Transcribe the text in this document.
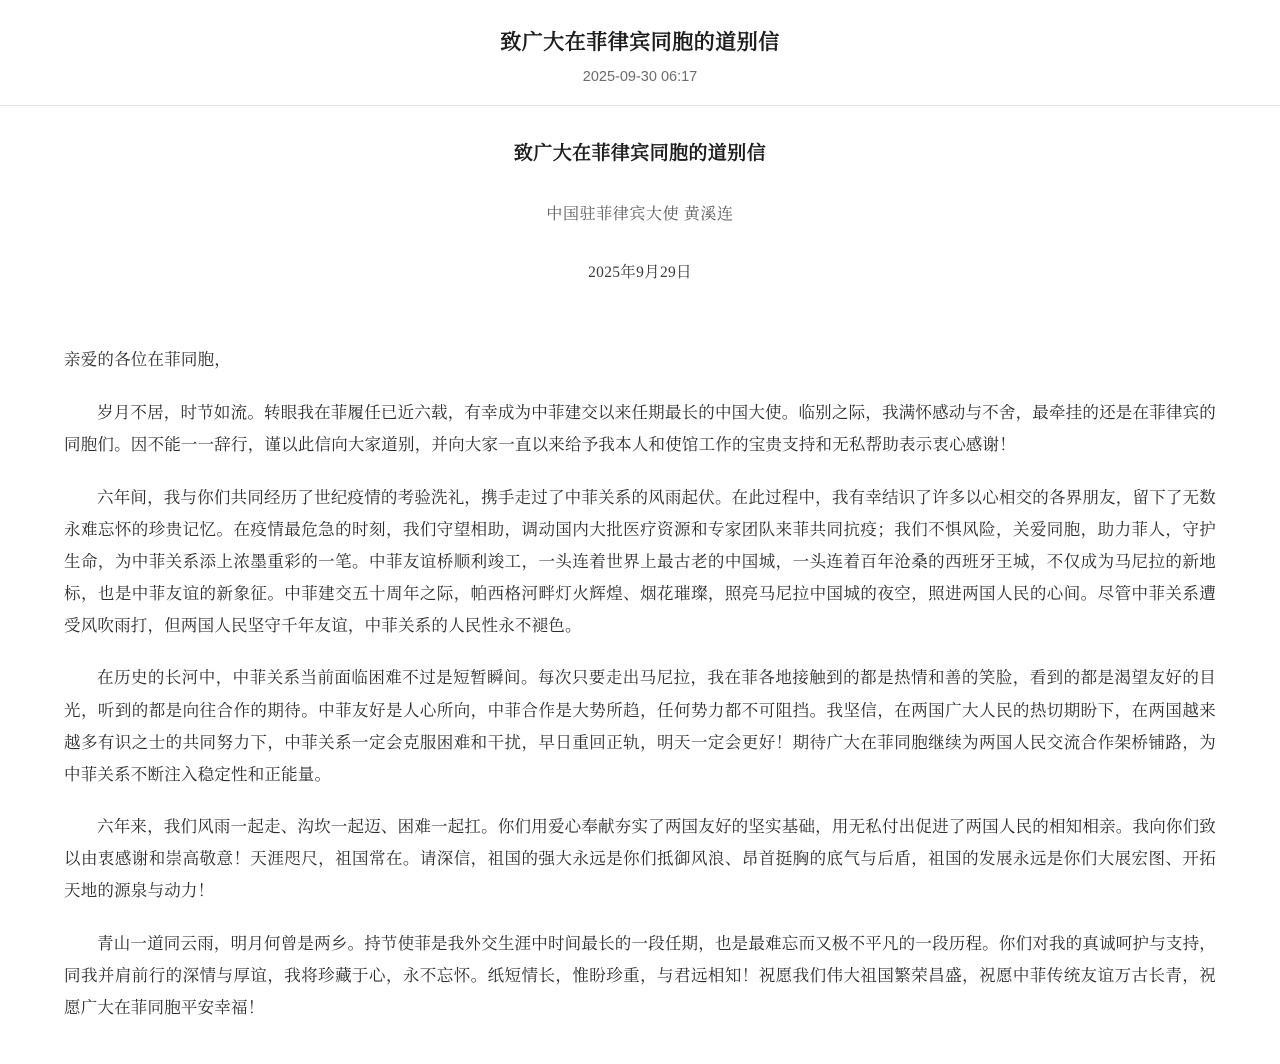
致广大在菲律宾同胞的道别信
2025-09-30 06:17
致广大在菲律宾同胞的道别信
中国驻菲律宾大使 黄溪连
2025年9月29日

亲爱的各位在菲同胞，

岁月不居，时节如流。转眼我在菲履任已近六载，有幸成为中菲建交以来任期最长的中国大使。临别之际，我满怀感动与不舍，最牵挂的还是在菲律宾的同胞们。因不能一一辞行，谨以此信向大家道别，并向大家一直以来给予我本人和使馆工作的宝贵支持和无私帮助表示衷心感谢！

六年间，我与你们共同经历了世纪疫情的考验洗礼，携手走过了中菲关系的风雨起伏。在此过程中，我有幸结识了许多以心相交的各界朋友，留下了无数永难忘怀的珍贵记忆。在疫情最危急的时刻，我们守望相助，调动国内大批医疗资源和专家团队来菲共同抗疫；我们不惧风险，关爱同胞，助力菲人，守护生命，为中菲关系添上浓墨重彩的一笔。中菲友谊桥顺利竣工，一头连着世界上最古老的中国城，一头连着百年沧桑的西班牙王城，不仅成为马尼拉的新地标，也是中菲友谊的新象征。中菲建交五十周年之际，帕西格河畔灯火辉煌、烟花璀璨，照亮马尼拉中国城的夜空，照进两国人民的心间。尽管中菲关系遭受风吹雨打，但两国人民坚守千年友谊，中菲关系的人民性永不褪色。

在历史的长河中，中菲关系当前面临困难不过是短暂瞬间。每次只要走出马尼拉，我在菲各地接触到的都是热情和善的笑脸，看到的都是渴望友好的目光，听到的都是向往合作的期待。中菲友好是人心所向，中菲合作是大势所趋，任何势力都不可阻挡。我坚信，在两国广大人民的热切期盼下，在两国越来越多有识之士的共同努力下，中菲关系一定会克服困难和干扰，早日重回正轨，明天一定会更好！期待广大在菲同胞继续为两国人民交流合作架桥铺路，为中菲关系不断注入稳定性和正能量。

六年来，我们风雨一起走、沟坎一起迈、困难一起扛。你们用爱心奉献夯实了两国友好的坚实基础，用无私付出促进了两国人民的相知相亲。我向你们致以由衷感谢和崇高敬意！天涯咫尺，祖国常在。请深信，祖国的强大永远是你们抵御风浪、昂首挺胸的底气与后盾，祖国的发展永远是你们大展宏图、开拓天地的源泉与动力！

青山一道同云雨，明月何曾是两乡。持节使菲是我外交生涯中时间最长的一段任期，也是最难忘而又极不平凡的一段历程。你们对我的真诚呵护与支持，同我并肩前行的深情与厚谊，我将珍藏于心，永不忘怀。纸短情长，惟盼珍重，与君远相知！祝愿我们伟大祖国繁荣昌盛，祝愿中菲传统友谊万古长青，祝愿广大在菲同胞平安幸福！
